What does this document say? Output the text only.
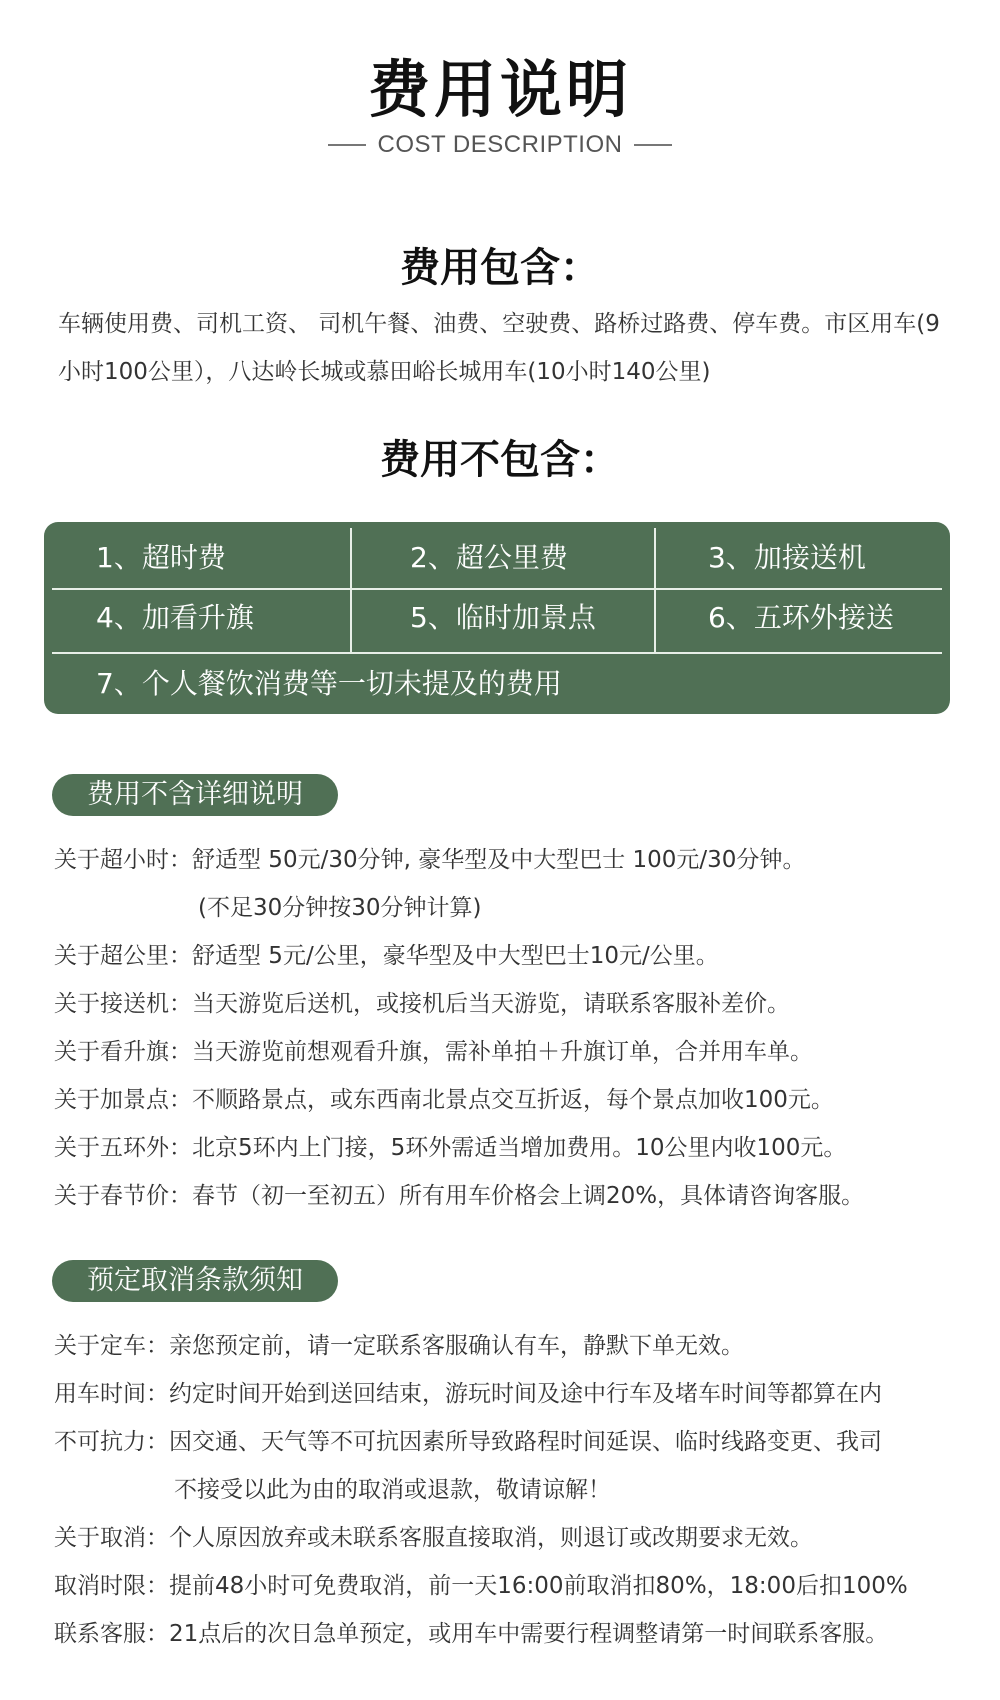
费用说明
COST DESCRIPTION
费用包含：
车辆使用费、司机工资、 司机午餐、油费、空驶费、路桥过路费、停车费。市区用车(9
小时100公里），八达岭长城或慕田峪长城用车(10小时140公里)
费用不包含：
1、超时费	2、超公里费	3、加接送机
4、加看升旗	5、临时加景点	6、五环外接送
7、个人餐饮消费等一切未提及的费用
费用不含详细说明
关于超小时： 舒适型 50元/30分钟, 豪华型及中大型巴士 100元/30分钟。
(不足30分钟按30分钟计算)
关于超公里： 舒适型 5元/公里，豪华型及中大型巴士10元/公里。
关于接送机： 当天游览后送机，或接机后当天游览，请联系客服补差价。
关于看升旗： 当天游览前想观看升旗，需补单拍＋升旗订单，合并用车单。
关于加景点： 不顺路景点，或东西南北景点交互折返，每个景点加收100元。
关于五环外： 北京5环内上门接，5环外需适当增加费用。10公里内收100元。
关于春节价： 春节（初一至初五）所有用车价格会上调20%，具体请咨询客服。
预定取消条款须知
关于定车： 亲您预定前，请一定联系客服确认有车，静默下单无效。
用车时间： 约定时间开始到送回结束，游玩时间及途中行车及堵车时间等都算在内
不可抗力： 因交通、天气等不可抗因素所导致路程时间延误、临时线路变更、我司
不接受以此为由的取消或退款，敬请谅解！
关于取消： 个人原因放弃或未联系客服直接取消，则退订或改期要求无效。
取消时限： 提前48小时可免费取消，前一天16:00前取消扣80%，18:00后扣100%
联系客服： 21点后的次日急单预定，或用车中需要行程调整请第一时间联系客服。
